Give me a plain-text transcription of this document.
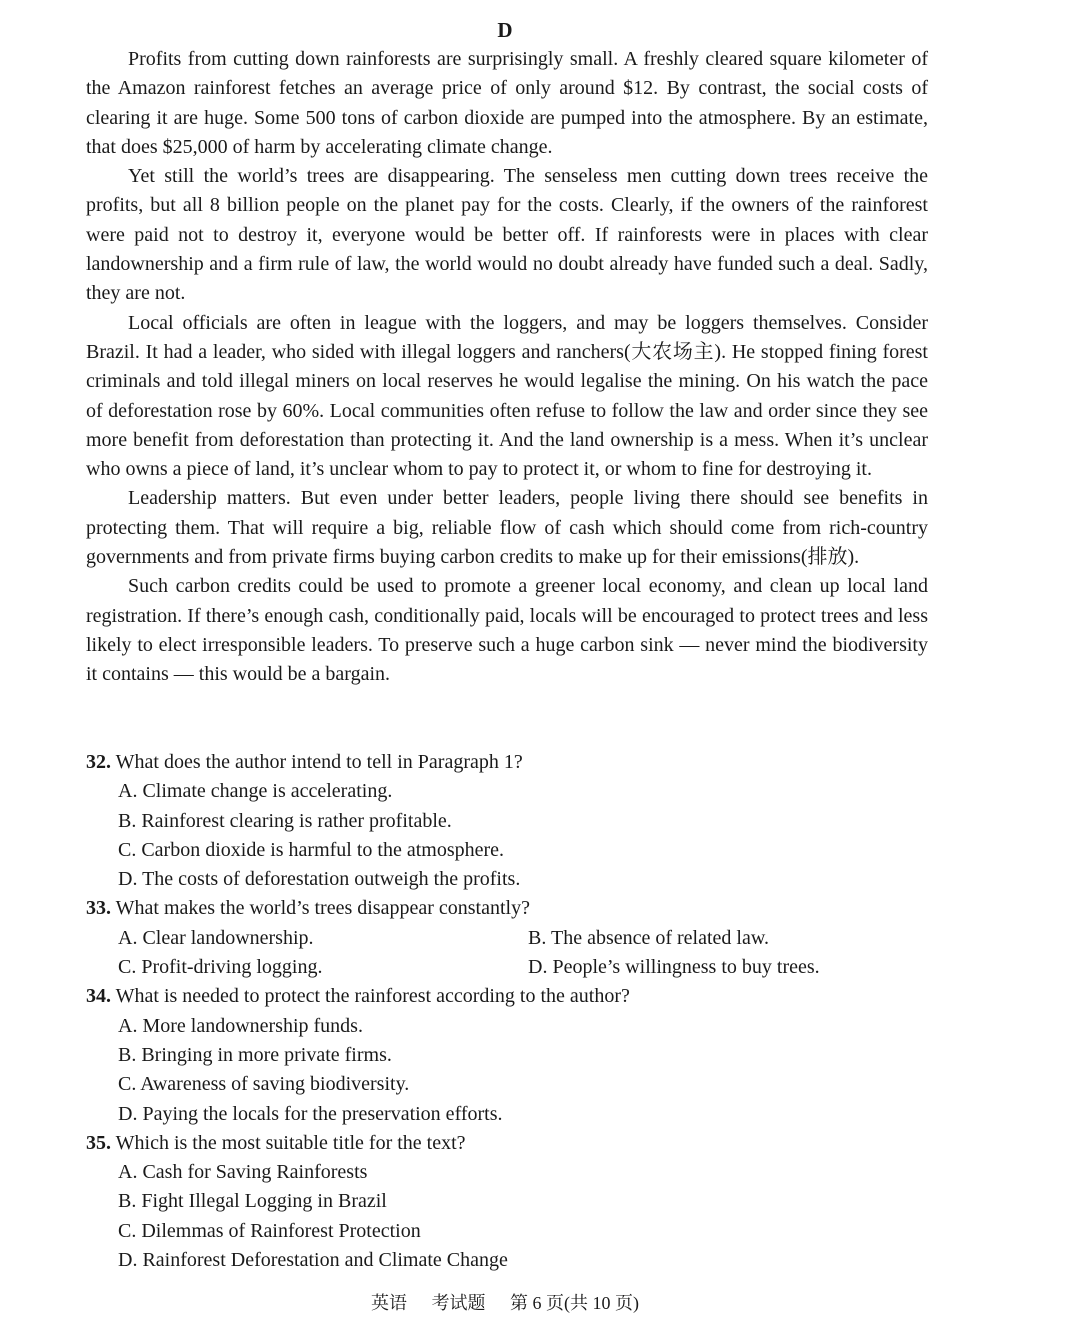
D

Profits from cutting down rainforests are surprisingly small. A freshly cleared square kilometer of the Amazon rainforest fetches an average price of only around $12. By contrast, the social costs of clearing it are huge. Some 500 tons of carbon dioxide are pumped into the atmosphere. By an estimate, that does $25,000 of harm by accelerating climate change.

Yet still the world’s trees are disappearing. The senseless men cutting down trees receive the profits, but all 8 billion people on the planet pay for the costs. Clearly, if the owners of the rainforest were paid not to destroy it, everyone would be better off. If rainforests were in places with clear landownership and a firm rule of law, the world would no doubt already have funded such a deal. Sadly, they are not.

Local officials are often in league with the loggers, and may be loggers themselves. Consider Brazil. It had a leader, who sided with illegal loggers and ranchers(大农场主). He stopped fining forest criminals and told illegal miners on local reserves he would legalise the mining. On his watch the pace of deforestation rose by 60%. Local communities often refuse to follow the law and order since they see more benefit from deforestation than protecting it. And the land ownership is a mess. When it’s unclear who owns a piece of land, it’s unclear whom to pay to protect it, or whom to fine for destroying it.

Leadership matters. But even under better leaders, people living there should see benefits in protecting them. That will require a big, reliable flow of cash which should come from rich-country governments and from private firms buying carbon credits to make up for their emissions(排放).

Such carbon credits could be used to promote a greener local economy, and clean up local land registration. If there’s enough cash, conditionally paid, locals will be encouraged to protect trees and less likely to elect irresponsible leaders. To preserve such a huge carbon sink — never mind the biodiversity it contains — this would be a bargain.

32. What does the author intend to tell in Paragraph 1?

A. Climate change is accelerating.

B. Rainforest clearing is rather profitable.

C. Carbon dioxide is harmful to the atmosphere.

D. The costs of deforestation outweigh the profits.

33. What makes the world’s trees disappear constantly?

A. Clear landownership.	B. The absence of related law.

C. Profit-driving logging.	D. People’s willingness to buy trees.

34. What is needed to protect the rainforest according to the author?

A. More landownership funds.

B. Bringing in more private firms.

C. Awareness of saving biodiversity.

D. Paying the locals for the preservation efforts.

35. Which is the most suitable title for the text?

A. Cash for Saving Rainforests

B. Fight Illegal Logging in Brazil

C. Dilemmas of Rainforest Protection

D. Rainforest Deforestation and Climate Change

英语 考试题 第 6 页(共 10 页)
